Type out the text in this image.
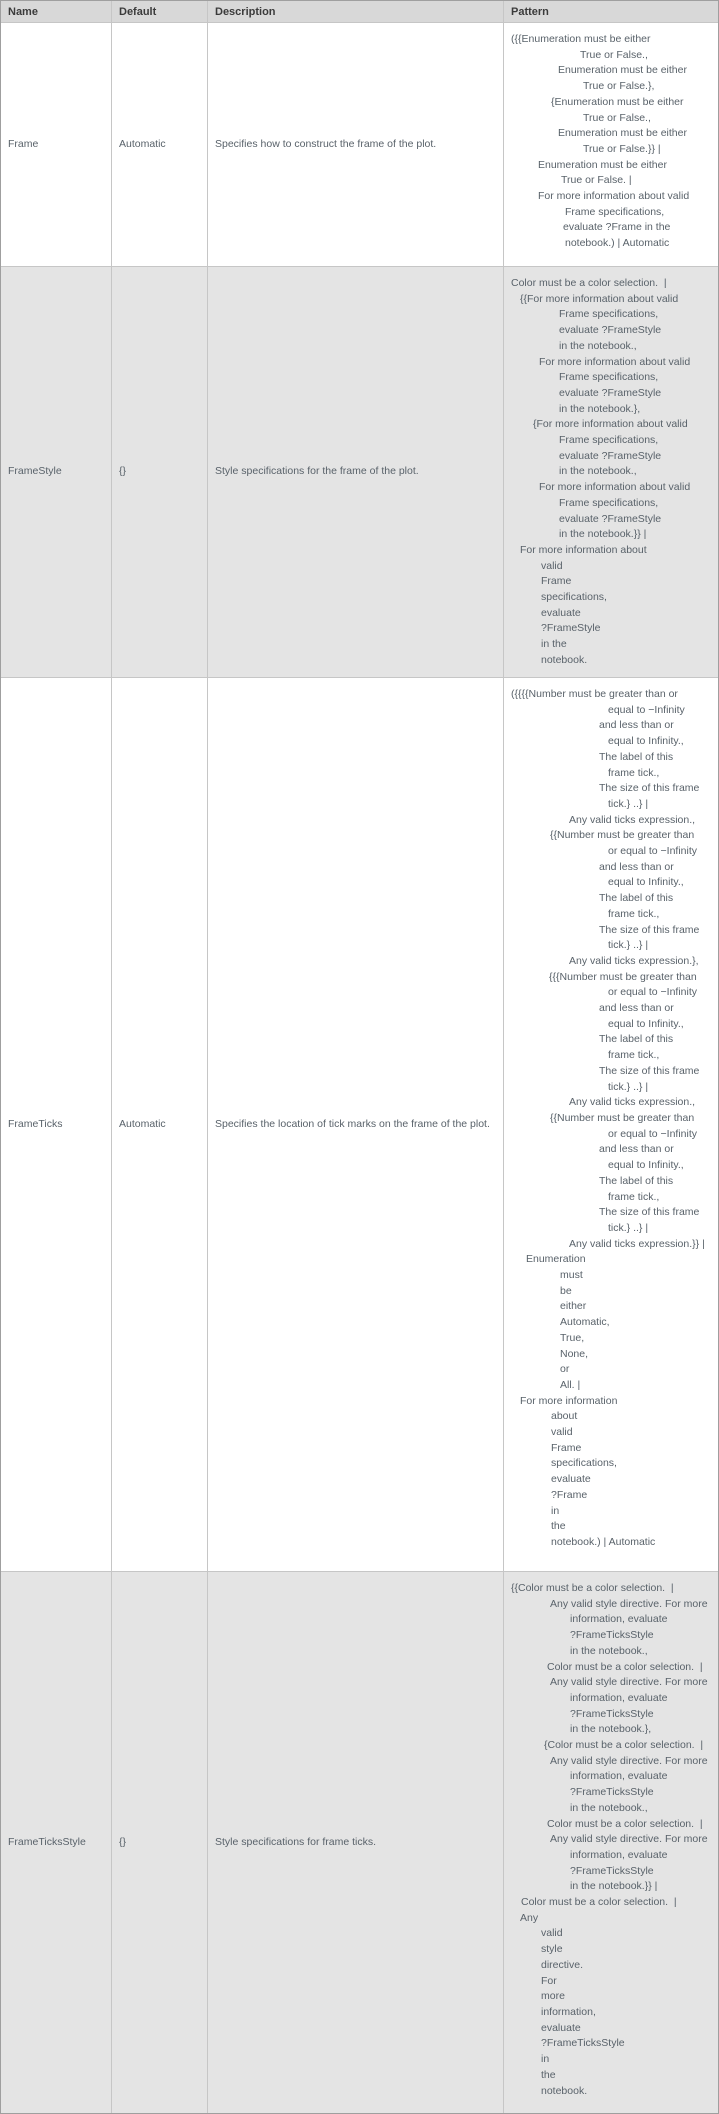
Name	Default	Description	Pattern
Frame	Automatic	Specifies how to construct the frame of the plot.
({{Enumeration must be either
True or False.,
Enumeration must be either
True or False.},
{Enumeration must be either
True or False.,
Enumeration must be either
True or False.}} |
Enumeration must be either
True or False. |
For more information about valid
Frame specifications,
evaluate ?Frame in the
notebook.) | Automatic
FrameStyle	{}	Style specifications for the frame of the plot.
Color must be a color selection.  |
{{For more information about valid
Frame specifications,
evaluate ?FrameStyle
in the notebook.,
For more information about valid
Frame specifications,
evaluate ?FrameStyle
in the notebook.},
{For more information about valid
Frame specifications,
evaluate ?FrameStyle
in the notebook.,
For more information about valid
Frame specifications,
evaluate ?FrameStyle
in the notebook.}} |
For more information about
valid
Frame
specifications,
evaluate
?FrameStyle
in the
notebook.
FrameTicks	Automatic	Specifies the location of tick marks on the frame of the plot.
({{{{Number must be greater than or
equal to −Infinity
and less than or
equal to Infinity.,
The label of this
frame tick.,
The size of this frame
tick.} ..} |
Any valid ticks expression.,
{{Number must be greater than
or equal to −Infinity
and less than or
equal to Infinity.,
The label of this
frame tick.,
The size of this frame
tick.} ..} |
Any valid ticks expression.},
{{{Number must be greater than
or equal to −Infinity
and less than or
equal to Infinity.,
The label of this
frame tick.,
The size of this frame
tick.} ..} |
Any valid ticks expression.,
{{Number must be greater than
or equal to −Infinity
and less than or
equal to Infinity.,
The label of this
frame tick.,
The size of this frame
tick.} ..} |
Any valid ticks expression.}} |
Enumeration
must
be
either
Automatic,
True,
None,
or
All. |
For more information
about
valid
Frame
specifications,
evaluate
?Frame
in
the
notebook.) | Automatic
FrameTicksStyle	{}	Style specifications for frame ticks.
{{Color must be a color selection.  |
Any valid style directive. For more
information, evaluate
?FrameTicksStyle
in the notebook.,
Color must be a color selection.  |
Any valid style directive. For more
information, evaluate
?FrameTicksStyle
in the notebook.},
{Color must be a color selection.  |
Any valid style directive. For more
information, evaluate
?FrameTicksStyle
in the notebook.,
Color must be a color selection.  |
Any valid style directive. For more
information, evaluate
?FrameTicksStyle
in the notebook.}} |
Color must be a color selection.  |
Any
valid
style
directive.
For
more
information,
evaluate
?FrameTicksStyle
in
the
notebook.
